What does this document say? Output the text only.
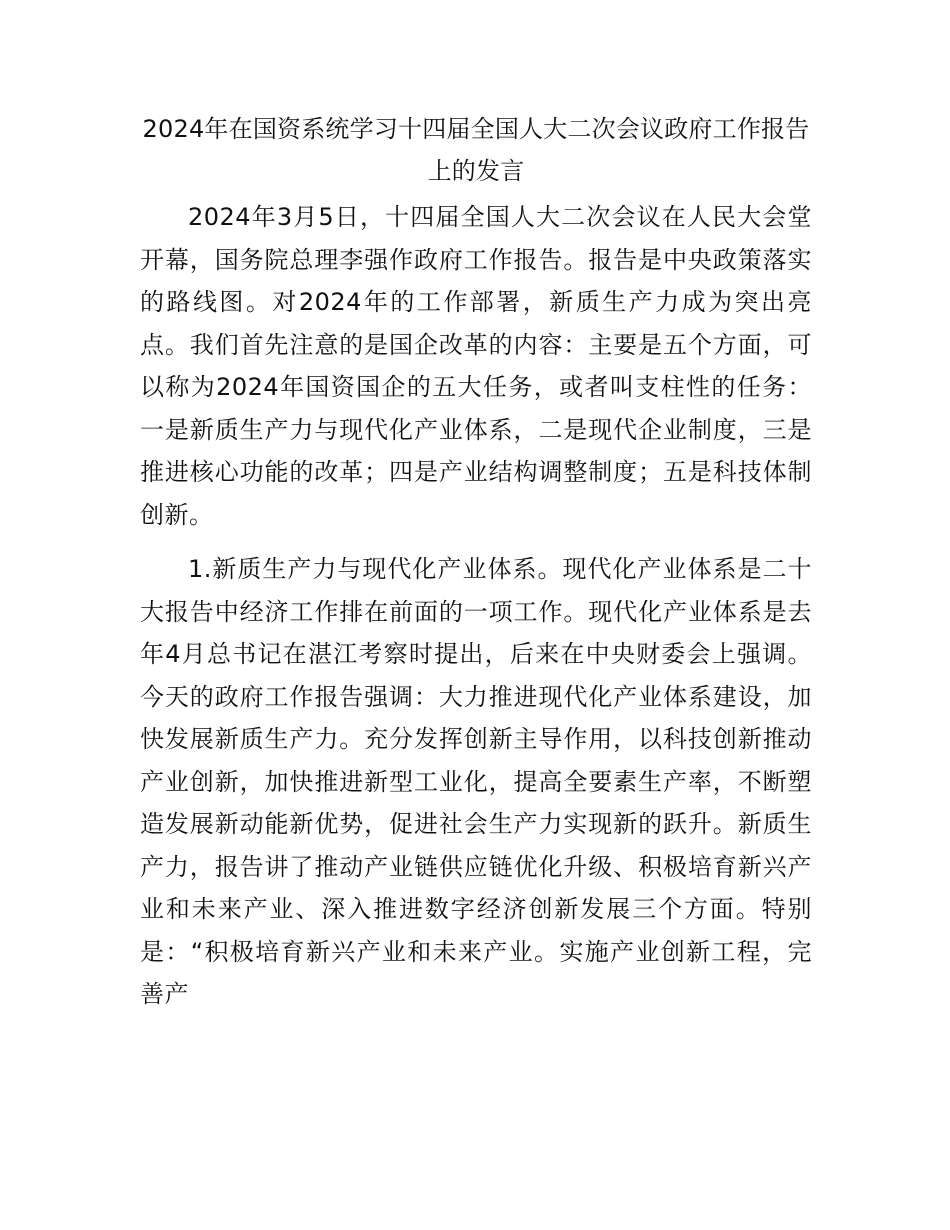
2024年在国资系统学习十四届全国人大二次会议政府工作报告上的发言

2024年3月5日，十四届全国人大二次会议在人民大会堂开幕，国务院总理李强作政府工作报告。报告是中央政策落实的路线图。对2024年的工作部署，新质生产力成为突出亮点。我们首先注意的是国企改革的内容：主要是五个方面，可以称为2024年国资国企的五大任务，或者叫支柱性的任务：一是新质生产力与现代化产业体系，二是现代企业制度，三是推进核心功能的改革；四是产业结构调整制度；五是科技体制创新。

1.新质生产力与现代化产业体系。现代化产业体系是二十大报告中经济工作排在前面的一项工作。现代化产业体系是去年4月总书记在湛江考察时提出，后来在中央财委会上强调。今天的政府工作报告强调：大力推进现代化产业体系建设，加快发展新质生产力。充分发挥创新主导作用，以科技创新推动产业创新，加快推进新型工业化，提高全要素生产率，不断塑造发展新动能新优势，促进社会生产力实现新的跃升。新质生产力，报告讲了推动产业链供应链优化升级、积极培育新兴产业和未来产业、深入推进数字经济创新发展三个方面。特别是：“积极培育新兴产业和未来产业。实施产业创新工程，完善产
